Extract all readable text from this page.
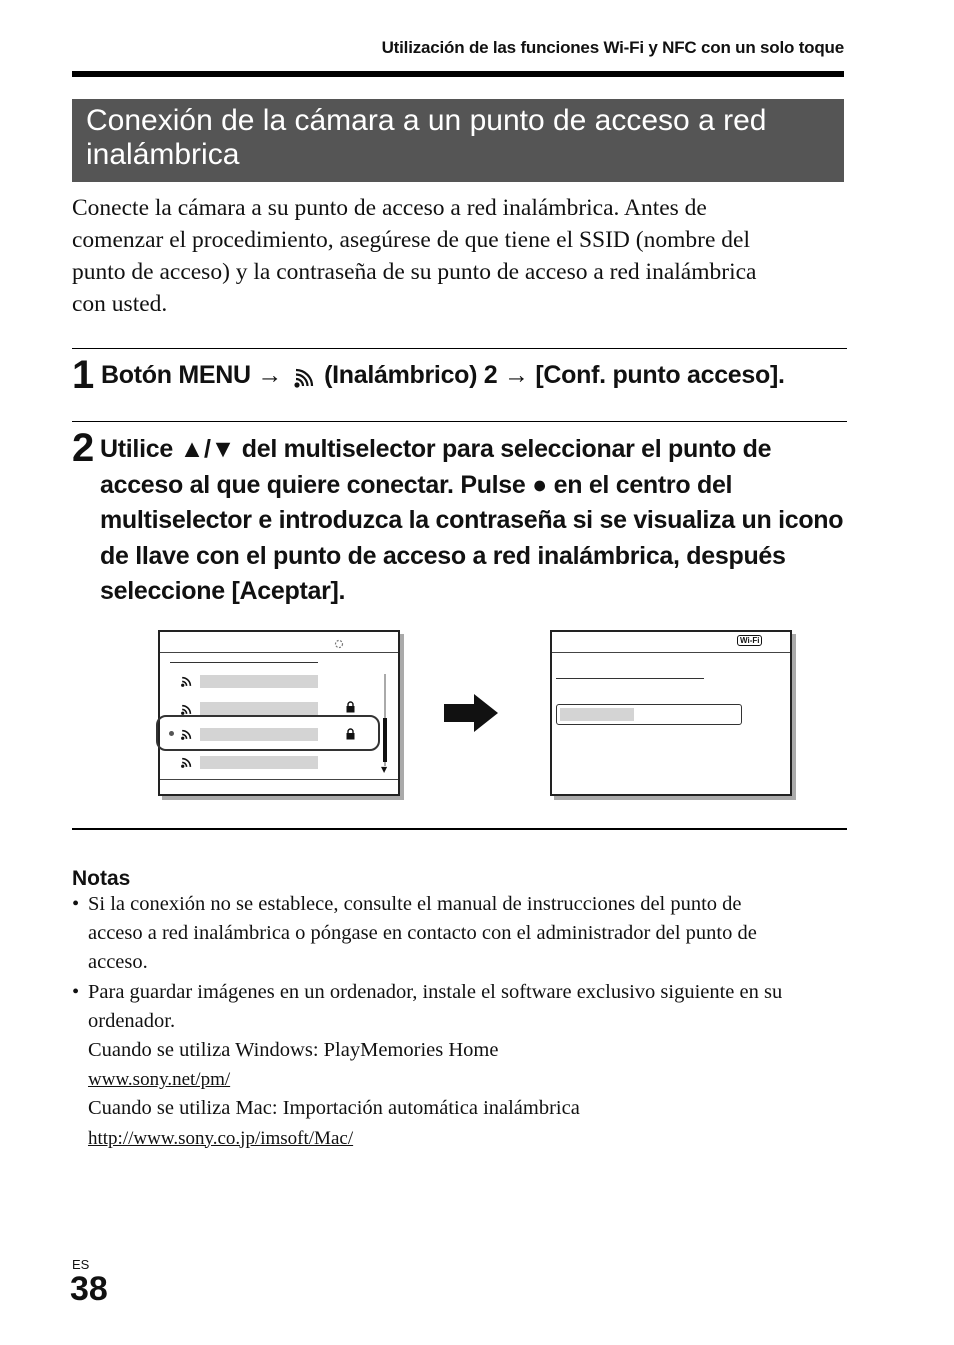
Utilización de las funciones Wi-Fi y NFC con un solo toque
Conexión de la cámara a un punto de acceso a red
inalámbrica
Conecte la cámara a su punto de acceso a red inalámbrica. Antes de
comenzar el procedimiento, asegúrese de que tiene el SSID (nombre del
punto de acceso) y la contraseña de su punto de acceso a red inalámbrica
con usted.
1 Botón MENU → (Inalámbrico) 2 → [Conf. punto acceso].
2 Utilice ▲/▼ del multiselector para seleccionar el punto de
acceso al que quiere conectar. Pulse ● en el centro del
multiselector e introduzca la contraseña si se visualiza un icono
de llave con el punto de acceso a red inalámbrica, después
seleccione [Aceptar].
▼
Wi-Fi
Notas
• Si la conexión no se establece, consulte el manual de instrucciones del punto de
acceso a red inalámbrica o póngase en contacto con el administrador del punto de
acceso.
• Para guardar imágenes en un ordenador, instale el software exclusivo siguiente en su
ordenador.
Cuando se utiliza Windows: PlayMemories Home
www.sony.net/pm/
Cuando se utiliza Mac: Importación automática inalámbrica
http://www.sony.co.jp/imsoft/Mac/
ES
38
